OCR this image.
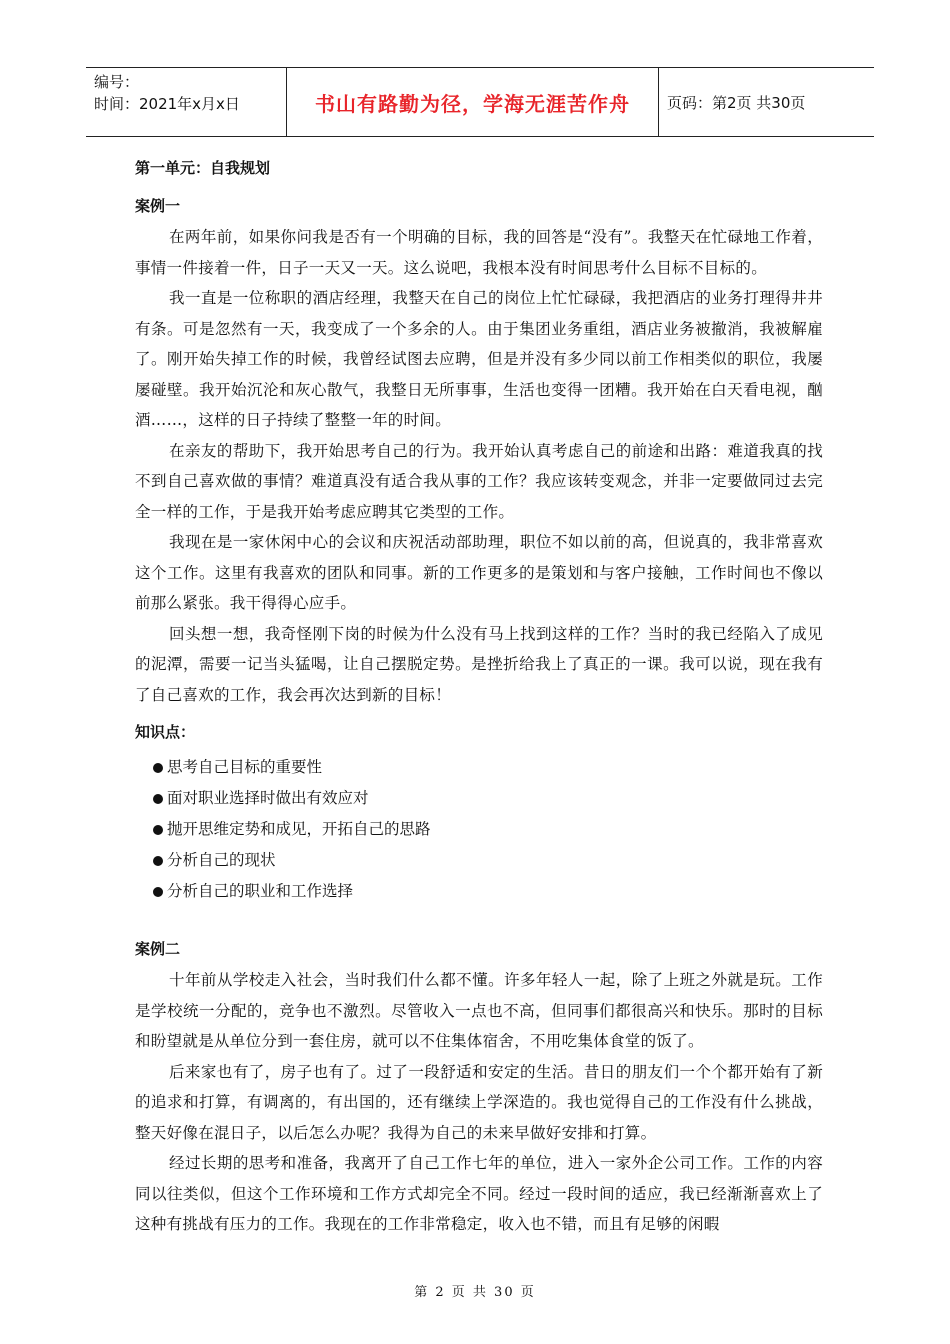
编号：
时间：2021年x月x日	书山有路勤为径，学海无涯苦作舟	页码：第2页 共30页

第一单元：自我规划

案例一

在两年前，如果你问我是否有一个明确的目标，我的回答是“没有”。我整天在忙碌地工作着，事情一件接着一件，日子一天又一天。这么说吧，我根本没有时间思考什么目标不目标的。

我一直是一位称职的酒店经理，我整天在自己的岗位上忙忙碌碌，我把酒店的业务打理得井井有条。可是忽然有一天，我变成了一个多余的人。由于集团业务重组，酒店业务被撤消，我被解雇了。刚开始失掉工作的时候，我曾经试图去应聘，但是并没有多少同以前工作相类似的职位，我屡屡碰壁。我开始沉沦和灰心散气，我整日无所事事，生活也变得一团糟。我开始在白天看电视，酗酒……，这样的日子持续了整整一年的时间。

在亲友的帮助下，我开始思考自己的行为。我开始认真考虑自己的前途和出路：难道我真的找不到自己喜欢做的事情？难道真没有适合我从事的工作？我应该转变观念，并非一定要做同过去完全一样的工作，于是我开始考虑应聘其它类型的工作。

我现在是一家休闲中心的会议和庆祝活动部助理，职位不如以前的高，但说真的，我非常喜欢这个工作。这里有我喜欢的团队和同事。新的工作更多的是策划和与客户接触，工作时间也不像以前那么紧张。我干得得心应手。

回头想一想，我奇怪刚下岗的时候为什么没有马上找到这样的工作？当时的我已经陷入了成见的泥潭，需要一记当头猛喝，让自己摆脱定势。是挫折给我上了真正的一课。我可以说，现在我有了自己喜欢的工作，我会再次达到新的目标！

知识点：

思考自己目标的重要性
面对职业选择时做出有效应对
抛开思维定势和成见，开拓自己的思路
分析自己的现状
分析自己的职业和工作选择

案例二

十年前从学校走入社会，当时我们什么都不懂。许多年轻人一起，除了上班之外就是玩。工作是学校统一分配的，竞争也不激烈。尽管收入一点也不高，但同事们都很高兴和快乐。那时的目标和盼望就是从单位分到一套住房，就可以不住集体宿舍，不用吃集体食堂的饭了。

后来家也有了，房子也有了。过了一段舒适和安定的生活。昔日的朋友们一个个都开始有了新的追求和打算，有调离的，有出国的，还有继续上学深造的。我也觉得自己的工作没有什么挑战，整天好像在混日子，以后怎么办呢？我得为自己的未来早做好安排和打算。

经过长期的思考和准备，我离开了自己工作七年的单位，进入一家外企公司工作。工作的内容同以往类似，但这个工作环境和工作方式却完全不同。经过一段时间的适应，我已经渐渐喜欢上了这种有挑战有压力的工作。我现在的工作非常稳定，收入也不错，而且有足够的闲暇

第 2 页 共 30 页
